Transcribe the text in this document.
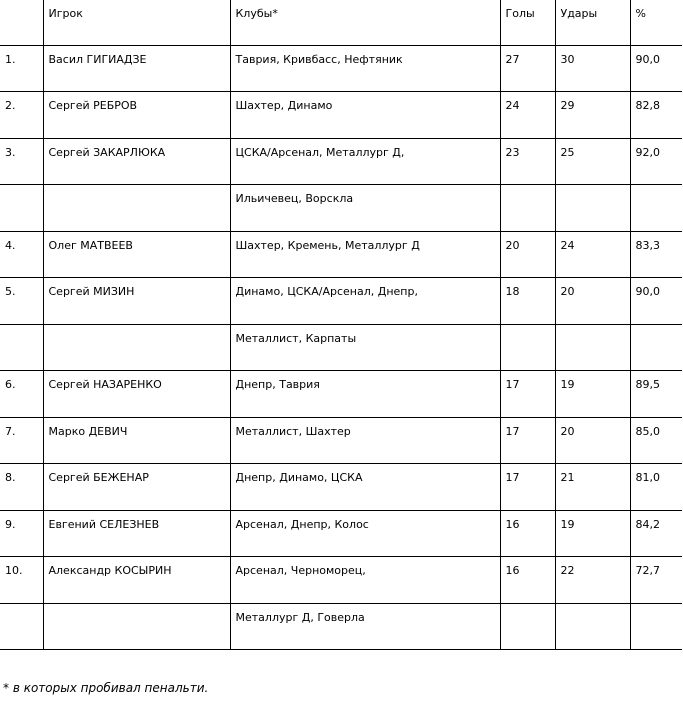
	Игрок	Клубы*	Голы	Удары	%
1.	Васил ГИГИАДЗЕ	Таврия, Кривбасс, Нефтяник	27	30	90,0
2.	Сергей РЕБРОВ	Шахтер, Динамо	24	29	82,8
3.	Сергей ЗАКАРЛЮКА	ЦСКА/Арсенал, Металлург Д,	23	25	92,0
		Ильичевец, Ворскла			
4.	Олег МАТВЕЕВ	Шахтер, Кремень, Металлург Д	20	24	83,3
5.	Сергей МИЗИН	Динамо, ЦСКА/Арсенал, Днепр,	18	20	90,0
		Металлист, Карпаты			
6.	Сергей НАЗАРЕНКО	Днепр, Таврия	17	19	89,5
7.	Марко ДЕВИЧ	Металлист, Шахтер	17	20	85,0
8.	Сергей БЕЖЕНАР	Днепр, Динамо, ЦСКА	17	21	81,0
9.	Евгений СЕЛЕЗНЕВ	Арсенал, Днепр, Колос	16	19	84,2
10.	Александр КОСЫРИН	Арсенал, Черноморец,	16	22	72,7
		Металлург Д, Говерла			
* в которых пробивал пенальти.
